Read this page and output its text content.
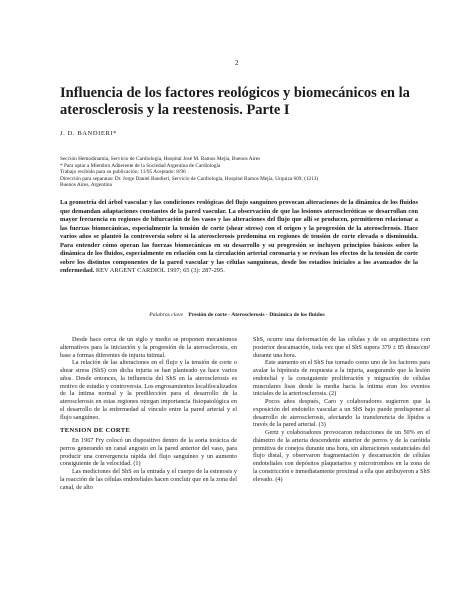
2
Influencia de los factores reológicos y biomecánicos en la aterosclerosis y la reestenosis. Parte I
J. D. BANDIERI*
Sección Hemodinamia, Servicio de Cardiología, Hospital José M. Ramos Mejía, Buenos Aires
* Para optar a Miembro Adherente de la Sociedad Argentina de Cardiología
Trabajo recibido para su publicación: 11/95 Aceptado: 8/96
Dirección para separatas: Dr. Jorge Daniel Bandieri, Servicio de Cardiología, Hospital Ramos Mejía, Urquiza 609, (1213)
Buenos Aires, Argentina

La geometría del árbol vascular y las condiciones reológicas del flujo sanguíneo provocan alteraciones de la dinámica de los fluidos que demandan adaptaciones constantes de la pared vascular. La observación de que las lesiones ateroscleróticas se desarrollan con mayor frecuencia en regiones de bifurcación de los vasos y las alteraciones del flujo que allí se producen, permitieron relacionar a las fuerzas biomecánicas, especialmente la tensión de corte (shear stress) con el origen y la progresión de la aterosclerosis. Hace varios años se planteó la controversia sobre si la aterosclerosis predomina en regiones de tensión de corte elevada o disminuida. Para entender cómo operan las fuerzas biomecánicas en su desarrollo y su progresión se incluyen principios básicos sobre la dinámica de los fluidos, especialmente en relación con la circulación arterial coronaria y se revisan los efectos de la tensión de corte sobre los distintos componentes de la pared vascular y las células sanguíneas, desde los estadios iniciales a los avanzados de la enfermedad. REV ARGENT CARDIOL 1997; 65 (3): 287-295.

Palabras clave Presión de corte - Aterosclerosis - Dinámica de los fluidos

Desde hace cerca de un siglo y medio se proponen mecanismos alternativos para la iniciación y la progresión de la aterosclerosis, en base a formas diferentes de injuria intimal.

La relación de las alteraciones en el flujo y la tensión de corte o shear stress (ShS) con dicha injuria se han planteado ya hace varios años. Desde entonces, la influencia del ShS en la aterosclerosis es motivo de estudio y controversia. Los engrosamientos localilocalizados de la íntima normal y la predilección para el desarrollo de la aterosclerosis en estas regiones otorgan importancia fisiopatológica en el desarrollo de la enfermedad al vínculo entre la pared arterial y el flujo sanguíneo.

TENSION DE CORTE

En 1967 Fry colocó un dispositivo dentro de la aorta torácica de perros generando un canal angosto en la pared anterior del vaso, para producir una convergencia rápida del flujo sanguíneo y un aumento consiguiente de la velocidad. (1)

Las mediciones del ShS en la entrada y el cuerpo de la estenosis y la reacción de las células endoteliales hacen concluir que en la zona del canal, de alto

ShS, ocurre una deformación de las células y de su arquitectura con posterior descamación, toda vez que el ShS supera 379 ± 85 dinas/cm² durante una hora.

Este aumento en el ShS fue tomado como uno de los factores para avalar la hipótesis de respuesta a la injuria, asegurando que la lesión endotelial y la consiguiente proliferación y migración de células musculares lisas desde la media hacia la íntima eran los eventos iniciales de la arteriosclerosis. (2)

Pocos años después, Caro y colaboradores sugierren que la exposición del endotelio vascular a un ShS bajo puede predisponer al desarrollo de aterosclerosis, afectando la transferencia de lípidos a través de la pared arterial. (3)

Gertz y colaboradores provocaron reducciones de un 50% en el diámetro de la arteria descendente anterior de perros y de la carótida primitiva de conejos durante una hora, sin alteraciones sustanciales del flujo distal, y observaron fragmentación y descamación de células endoteliales con depósitos plaquetarios y microtrombos en la zona de la constricción e inmediatamente proximal a ella que atribuyeron a ShS elevado. (4)
